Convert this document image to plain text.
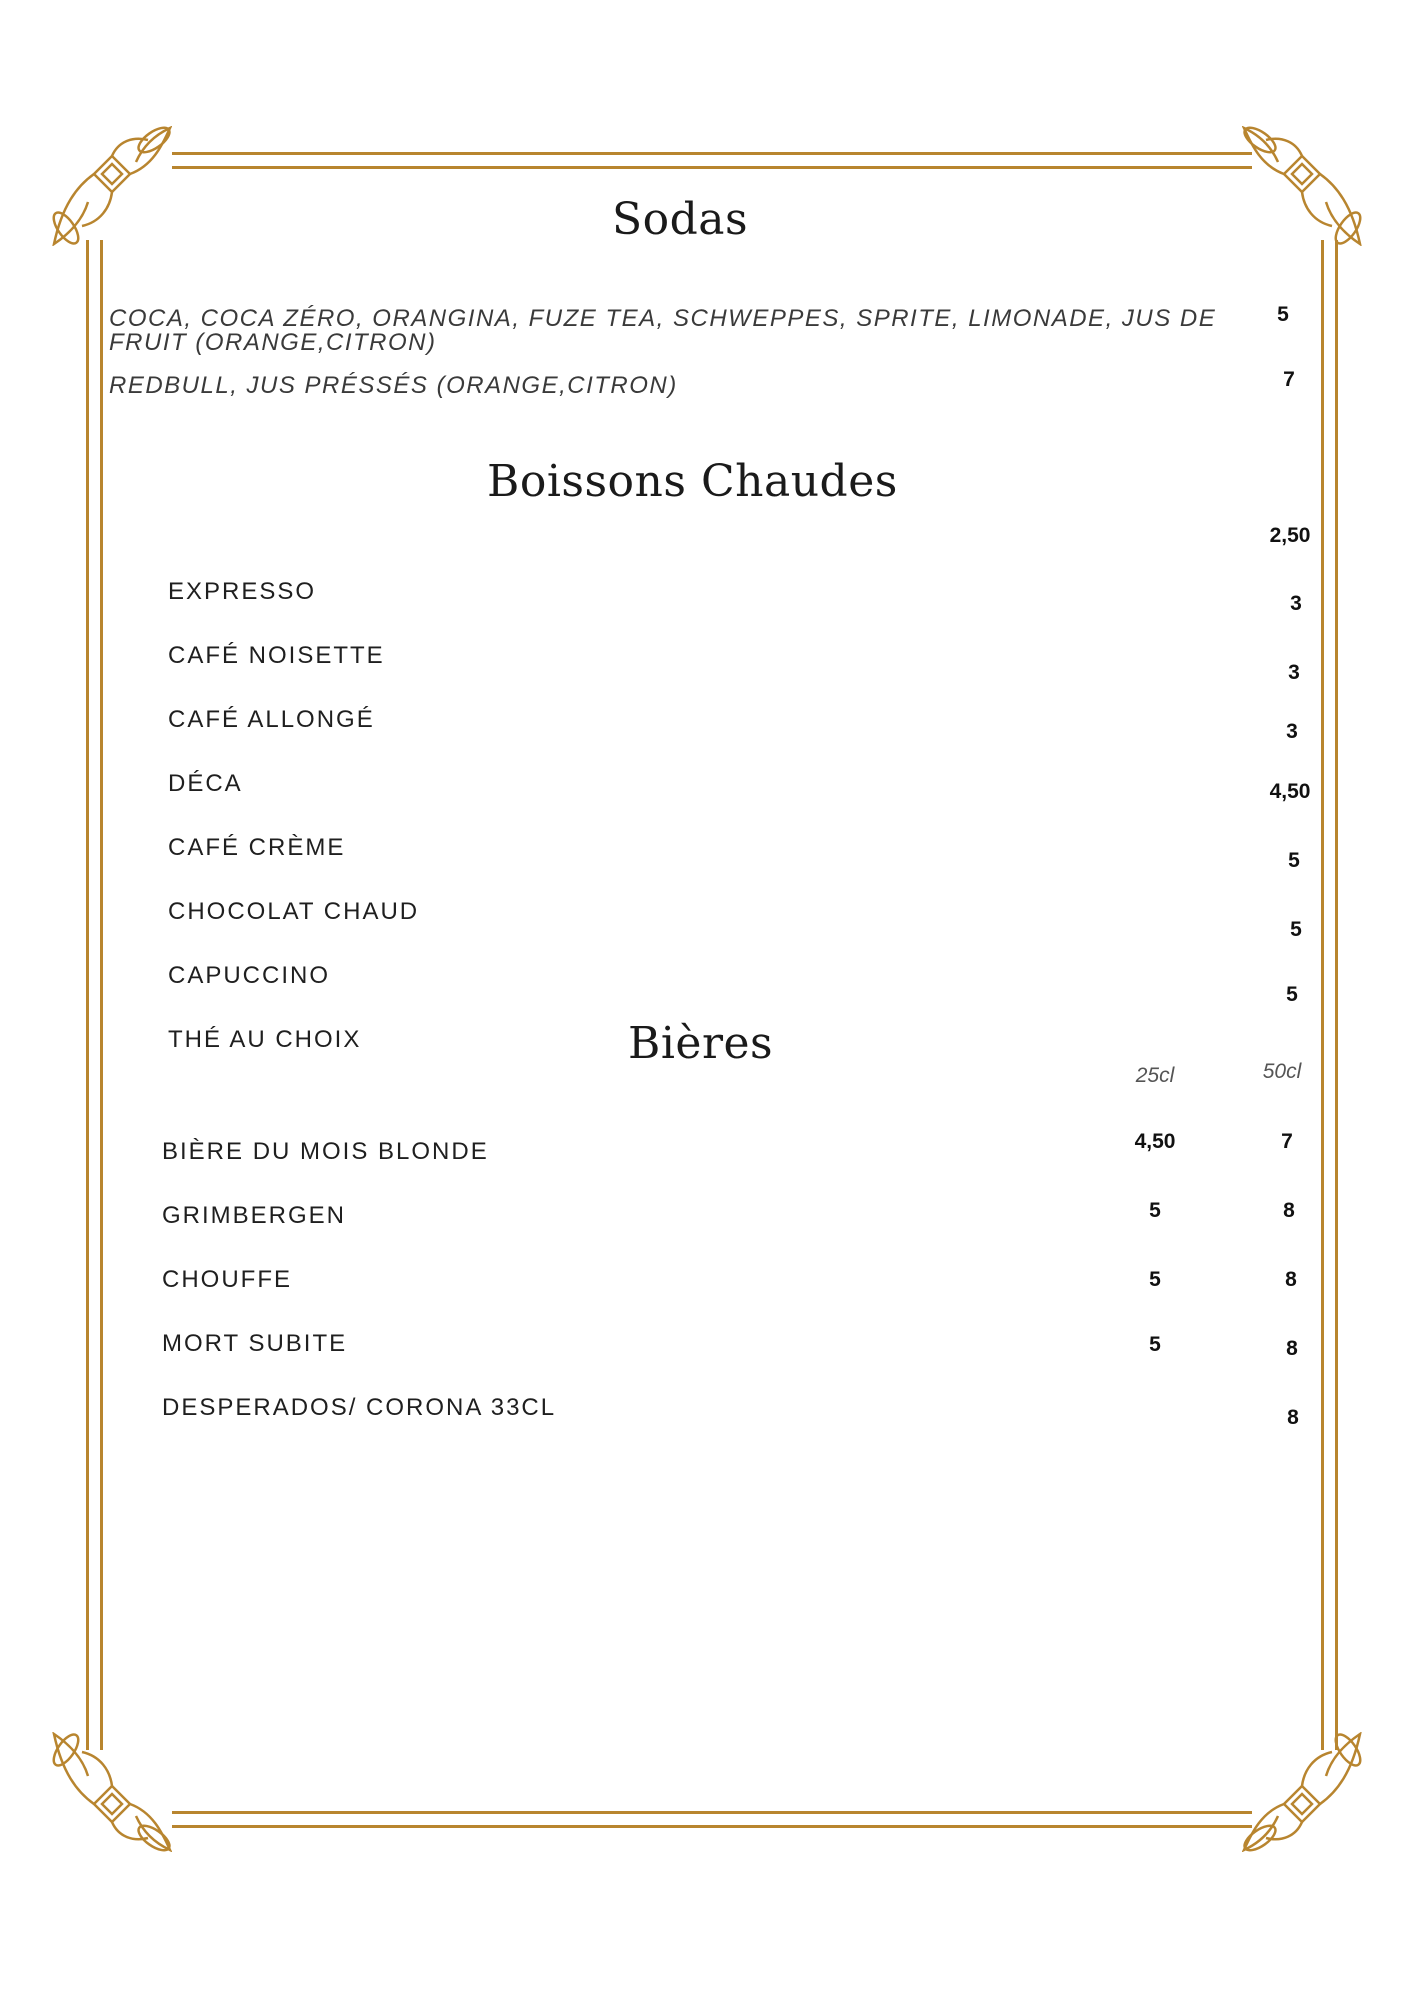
Sodas
COCA, COCA ZÉRO, ORANGINA, FUZE TEA, SCHWEPPES, SPRITE, LIMONADE, JUS DE FRUIT (ORANGE,CITRON)
5
REDBULL, JUS PRÉSSÉS (ORANGE,CITRON)	7
Boissons Chaudes
EXPRESSO
CAFÉ NOISETTE
CAFÉ ALLONGÉ
DÉCA
CAFÉ CRÈME
CHOCOLAT CHAUD
CAPUCCINO
THÉ AU CHOIX
2,50
3
3
3
4,50
5
5
5
Bières
25cl	50cl
BIÈRE DU MOIS BLONDE
GRIMBERGEN
CHOUFFE
MORT SUBITE
DESPERADOS/ CORONA 33CL
4,50
5
5
5
7
8
8
8
8
